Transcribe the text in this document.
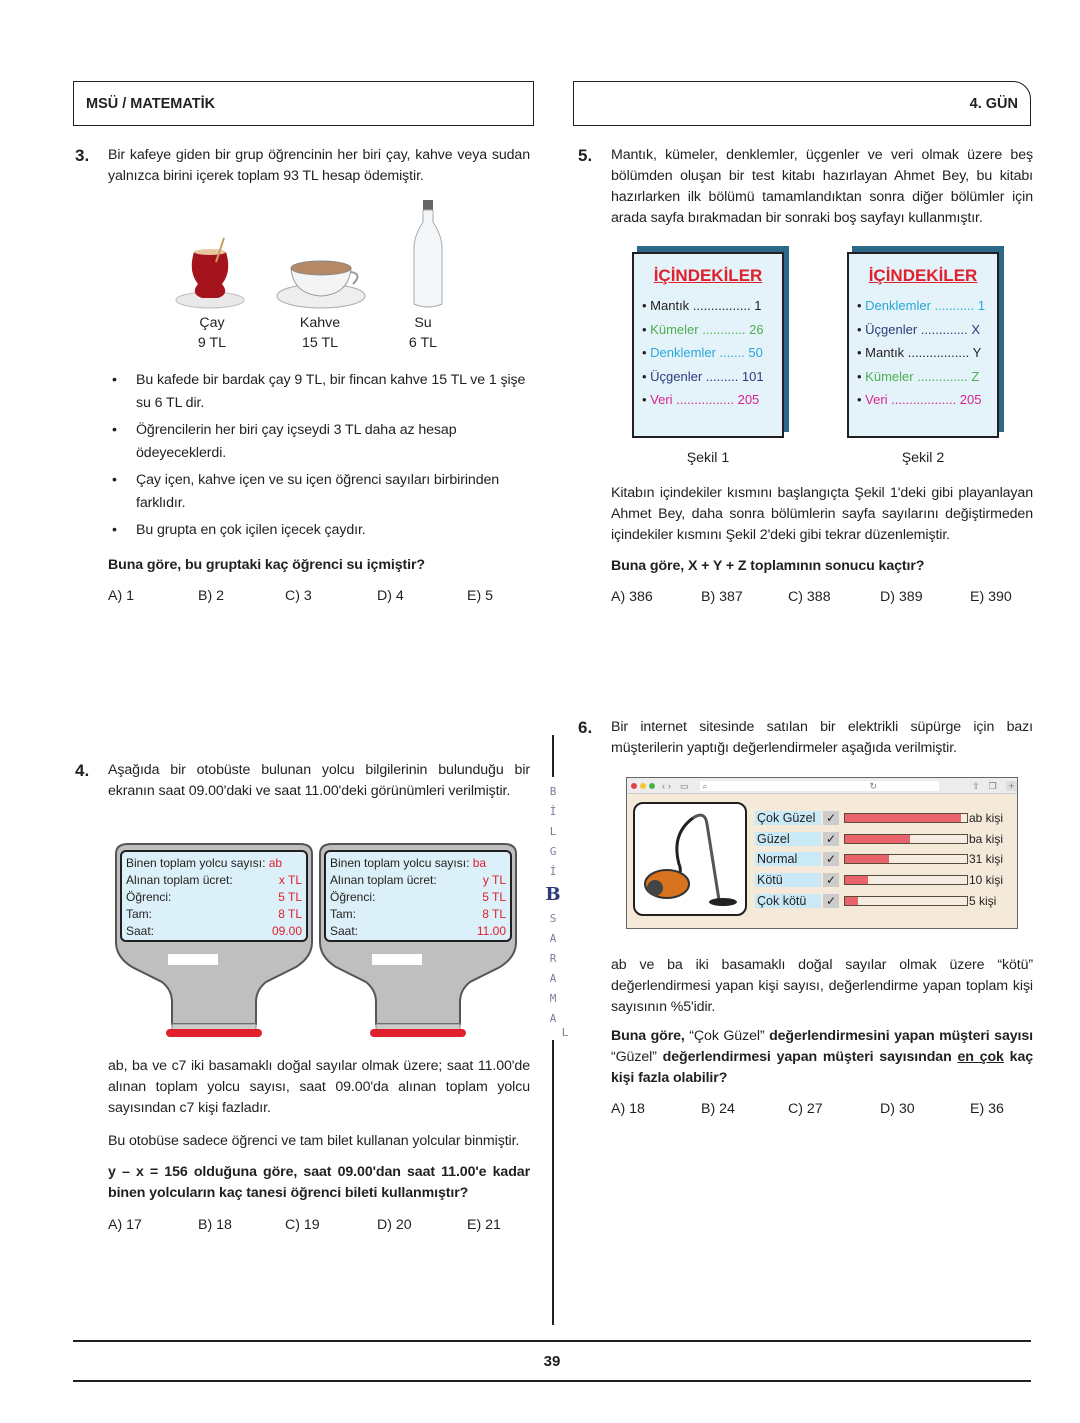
MSÜ / MATEMATİK	4. GÜN
3. Bir kafeye giden bir grup öğrencinin her biri çay, kahve veya sudan yalnızca birini içerek toplam 93 TL hesap ödemiştir.
Çay
9 TL
Kahve
15 TL
Su
6 TL
• Bu kafede bir bardak çay 9 TL, bir fincan kahve 15 TL ve 1 şişe su 6 TL dir.
• Öğrencilerin her biri çay içseydi 3 TL daha az hesap ödeyeceklerdi.
• Çay içen, kahve içen ve su içen öğrenci sayıları birbirinden farklıdır.
• Bu grupta en çok içilen içecek çaydır.
Buna göre, bu gruptaki kaç öğrenci su içmiştir?
A) 1	B) 2	C) 3	D) 4	E) 5
4. Aşağıda bir otobüste bulunan yolcu bilgilerinin bulunduğu bir ekranın saat 09.00'daki ve saat 11.00'deki görünümleri verilmiştir.
Binen toplam yolcu sayısı: ab
Alınan toplam ücret:	x TL
Öğrenci:	5 TL
Tam:	8 TL
Saat:	09.00
Binen toplam yolcu sayısı: ba
Alınan toplam ücret:	y TL
Öğrenci:	5 TL
Tam:	8 TL
Saat:	11.00
ab, ba ve c7 iki basamaklı doğal sayılar olmak üzere; saat 11.00'de alınan toplam yolcu sayısı, saat 09.00'da alınan toplam yolcu sayısından c7 kişi fazladır.
Bu otobüse sadece öğrenci ve tam bilet kullanan yolcular binmiştir.
y – x = 156 olduğuna göre, saat 09.00'dan saat 11.00'e kadar binen yolcuların kaç tanesi öğrenci bileti kullanmıştır?
A) 17	B) 18	C) 19	D) 20	E) 21
B
İ
L
G
İ
B
S
A
R
A
M
A
L
5. Mantık, kümeler, denklemler, üçgenler ve veri olmak üzere beş bölümden oluşan bir test kitabı hazırlayan Ahmet Bey, bu kitabı hazırlarken ilk bölümü tamamlandıktan sonra diğer bölümler için arada sayfa bırakmadan bir sonraki boş sayfayı kullanmıştır.
İÇİNDEKİLER
• Mantık ................ 1
• Kümeler ............ 26
• Denklemler ....... 50
• Üçgenler ......... 101
• Veri ................ 205
İÇİNDEKİLER
• Denklemler ........... 1
• Üçgenler ............. X
• Mantık ................. Y
• Kümeler .............. Z
• Veri .................. 205
Şekil 1	Şekil 2
Kitabın içindekiler kısmını başlangıçta Şekil 1'deki gibi playanlayan Ahmet Bey, daha sonra bölümlerin sayfa sayılarını değiştirmeden içindekiler kısmını Şekil 2'deki gibi tekrar düzenlemiştir.
Buna göre, X + Y + Z toplamının sonucu kaçtır?
A) 386	B) 387	C) 388	D) 389	E) 390
6. Bir internet sitesinde satılan bir elektrikli süpürge için bazı müşterilerin yaptığı değerlendirmeler aşağıda verilmiştir.
‹ › ▭ ⌕	↻	⇧ ❐	+
Çok Güzel ✓	ab kişi
Güzel	✓	ba kişi
Normal	✓	31 kişi
Kötü	✓	10 kişi
Çok kötü	✓	5 kişi
ab ve ba iki basamaklı doğal sayılar olmak üzere “kötü” değerlendirmesi yapan kişi sayısı, değerlendirme yapan toplam kişi sayısının %5'idir.
Buna göre, “Çok Güzel” değerlendirmesini yapan müşteri sayısı “Güzel” değerlendirmesi yapan müşteri sayısından en çok kaç kişi fazla olabilir?
A) 18	B) 24	C) 27	D) 30	E) 36
39
